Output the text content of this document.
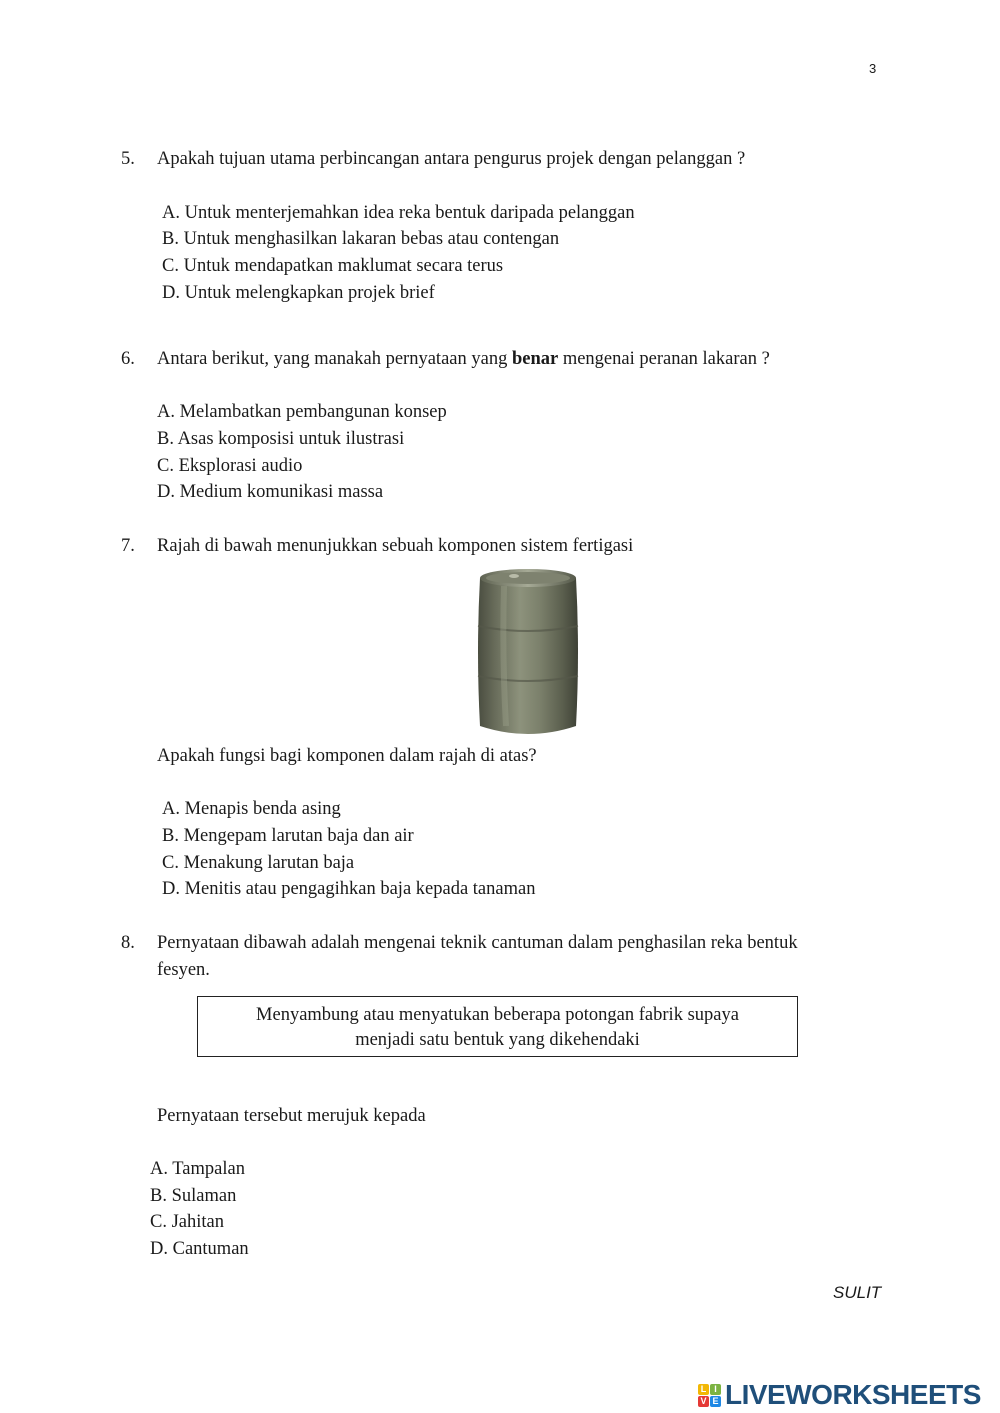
3
5. Apakah tujuan utama perbincangan antara pengurus projek dengan pelanggan ?
A. Untuk menterjemahkan idea reka bentuk daripada pelanggan
B. Untuk menghasilkan lakaran bebas atau contengan
C. Untuk mendapatkan maklumat secara terus
D. Untuk melengkapkan projek brief
6. Antara berikut, yang manakah pernyataan yang benar mengenai peranan lakaran ?
A. Melambatkan pembangunan konsep
B. Asas komposisi untuk ilustrasi
C. Eksplorasi audio
D. Medium komunikasi massa
7. Rajah di bawah menunjukkan sebuah komponen sistem fertigasi
Apakah fungsi bagi komponen dalam rajah di atas?
A. Menapis benda asing
B. Mengepam larutan baja dan air
C. Menakung larutan baja
D. Menitis atau pengagihkan baja kepada tanaman
8. Pernyataan dibawah adalah mengenai teknik cantuman dalam penghasilan reka bentuk
fesyen.
Menyambung atau menyatukan beberapa potongan fabrik supaya
menjadi satu bentuk yang dikehendaki
Pernyataan tersebut merujuk kepada
A. Tampalan
B. Sulaman
C. Jahitan
D. Cantuman
SULIT
L I
V E LIVEWORKSHEETS
